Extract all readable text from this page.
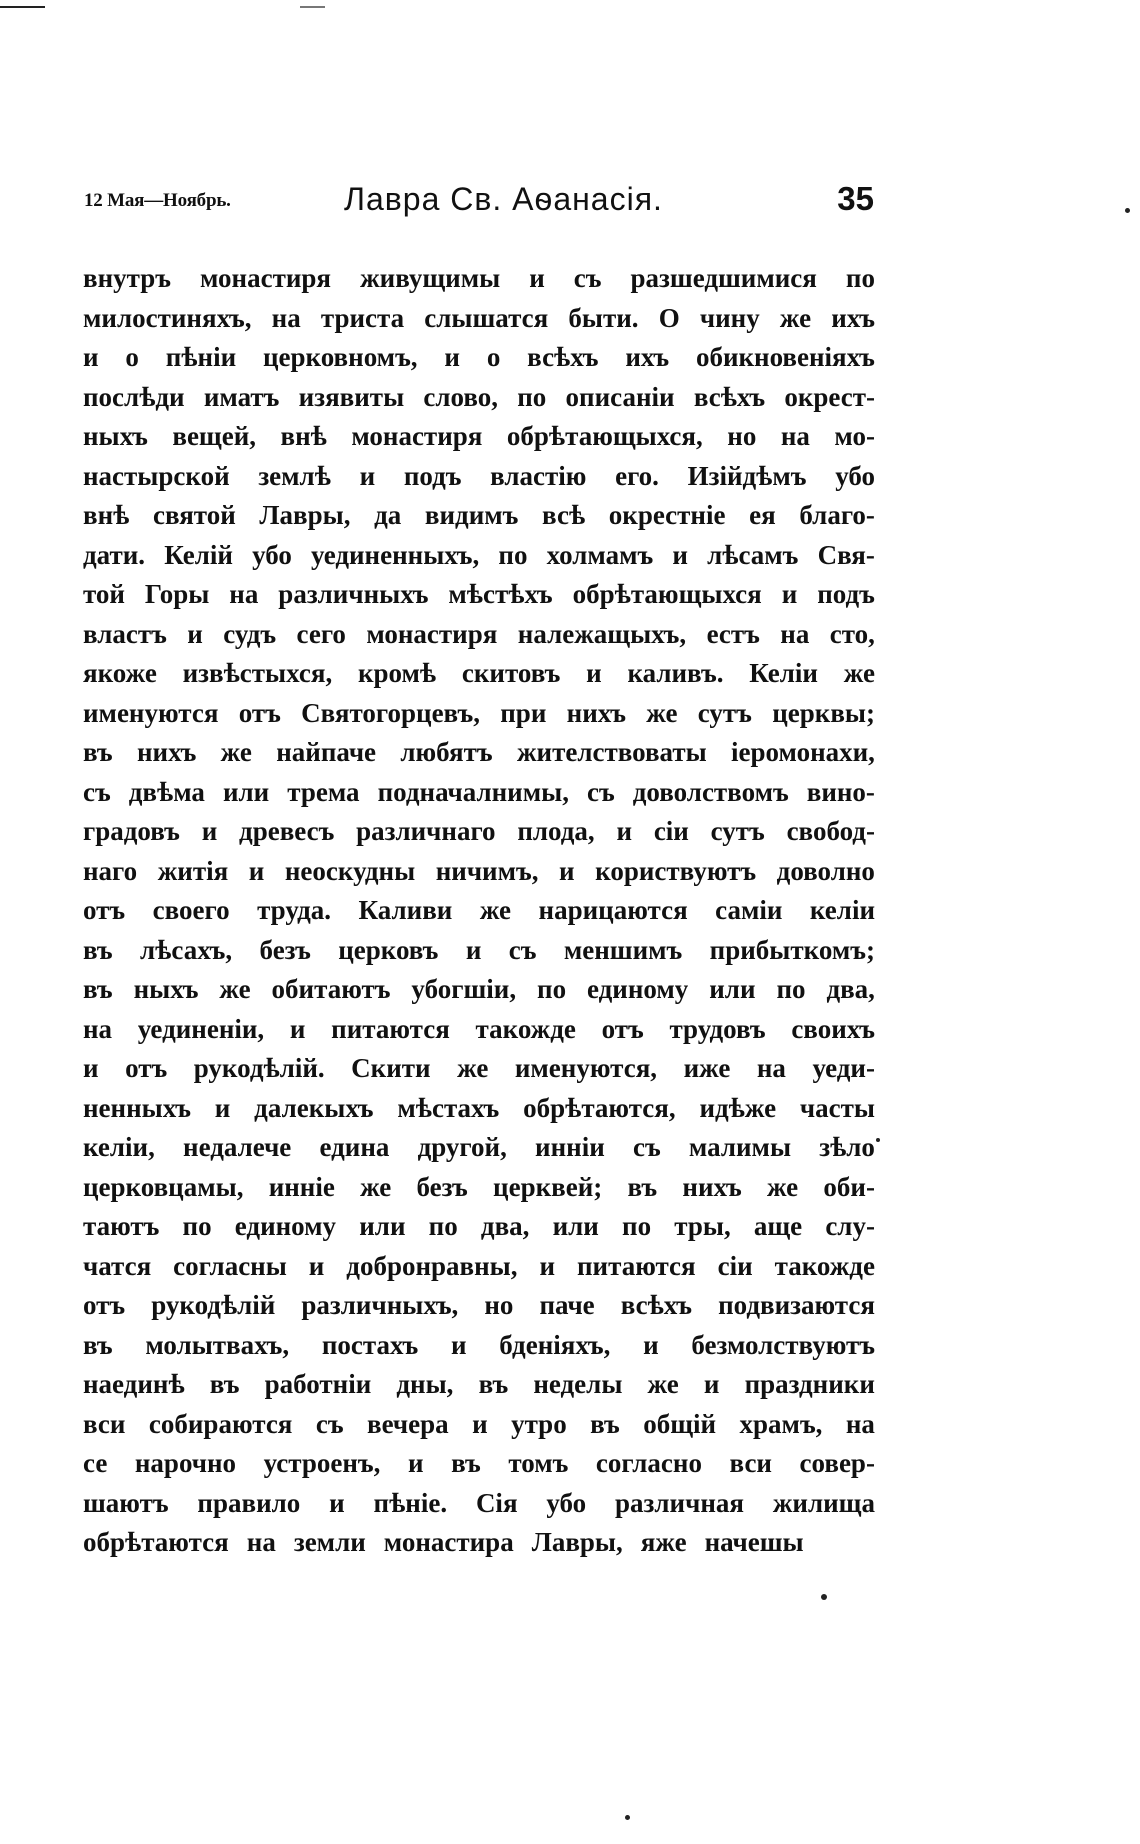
12 Мая—Ноябрь.	Лавра Св. Аѳанасія.	35
внутръ монастиря живущимы и съ разшедшимися по
милостиняхъ, на триста слышатся быти. О чину же ихъ
и о пѣніи церковномъ, и о всѣхъ ихъ обикновеніяхъ
послѣди иматъ изявиты слово, по описаніи всѣхъ окрест-
ныхъ вещей, внѣ монастиря обрѣтающыхся, но на мо-
настырской землѣ и подъ властію его. Изійдѣмъ убо
внѣ святой Лавры, да видимъ всѣ окрестніе ея благо-
дати. Келій убо уединенныхъ, по холмамъ и лѣсамъ Свя-
той Горы на различныхъ мѣстѣхъ обрѣтающыхся и подъ
властъ и судъ сего монастиря належащыхъ, естъ на сто,
якоже извѣстыхся, кромѣ скитовъ и каливъ. Келіи же
именуются отъ Святогорцевъ, при нихъ же сутъ церквы;
въ нихъ же найпаче любятъ жителствоваты іеромонахи,
съ двѣма или трема подначалнимы, съ доволствомъ вино-
градовъ и древесъ различнаго плода, и сіи сутъ свобод-
наго житія и неоскудны ничимъ, и користвуютъ доволно
отъ своего труда. Каливи же нарицаются самiи келіи
въ лѣсахъ, безъ церковъ и съ меншимъ прибыткомъ;
въ ныхъ же обитаютъ убогшіи, по единому или по два,
на уединеніи, и питаются такожде отъ трудовъ своихъ
и отъ рукодѣлій. Скити же именуются, иже на уеди-
ненныхъ и далекыхъ мѣстахъ обрѣтаются, идѣже часты
келіи, недалече едина другой, инніи съ малимы зѣло
церковцамы, инніе же безъ церквей; въ нихъ же оби-
таютъ по единому или по два, или по тры, аще слу-
чатся согласны и добронравны, и питаются сіи такожде
отъ рукодѣлій различныхъ, но паче всѣхъ подвизаются
въ молытвахъ, постахъ и бденіяхъ, и безмолствуютъ
наединѣ въ работніи дны, въ неделы же и праздники
вси собираются съ вечера и утро въ общій храмъ, на
се нарочно устроенъ, и въ томъ согласно вси совер-
шаютъ правило и пѣніе. Сія убо различная жилища
обрѣтаются на земли монастира Лавры, яже начешы
